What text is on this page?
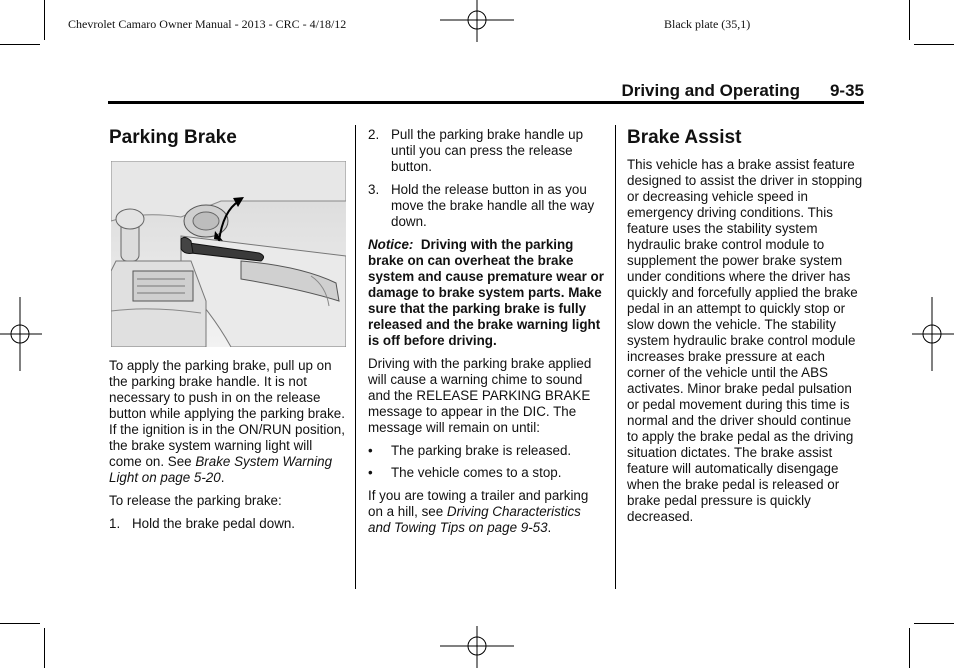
Chevrolet Camaro Owner Manual - 2013 - CRC - 4/18/12	Black plate (35,1)
Driving and Operating 9-35
Parking Brake

To apply the parking brake, pull up on the parking brake handle. It is not necessary to push in on the release button while applying the parking brake. If the ignition is in the ON/RUN position, the brake system warning light will come on. See Brake System Warning Light on page 5-20.

To release the parking brake:

1. Hold the brake pedal down.
2. Pull the parking brake handle up until you can press the release button.
3. Hold the release button in as you move the brake handle all the way down.

Notice: Driving with the parking brake on can overheat the brake system and cause premature wear or damage to brake system parts. Make sure that the parking brake is fully released and the brake warning light is off before driving.

Driving with the parking brake applied will cause a warning chime to sound and the RELEASE PARKING BRAKE message to appear in the DIC. The message will remain on until:

•	The parking brake is released.
•	The vehicle comes to a stop.

If you are towing a trailer and parking on a hill, see Driving Characteristics and Towing Tips on page 9-53.

Brake Assist

This vehicle has a brake assist feature designed to assist the driver in stopping or decreasing vehicle speed in emergency driving conditions. This feature uses the stability system hydraulic brake control module to supplement the power brake system under conditions where the driver has quickly and forcefully applied the brake pedal in an attempt to quickly stop or slow down the vehicle. The stability system hydraulic brake control module increases brake pressure at each corner of the vehicle until the ABS activates. Minor brake pedal pulsation or pedal movement during this time is normal and the driver should continue to apply the brake pedal as the driving situation dictates. The brake assist feature will automatically disengage when the brake pedal is released or brake pedal pressure is quickly decreased.
